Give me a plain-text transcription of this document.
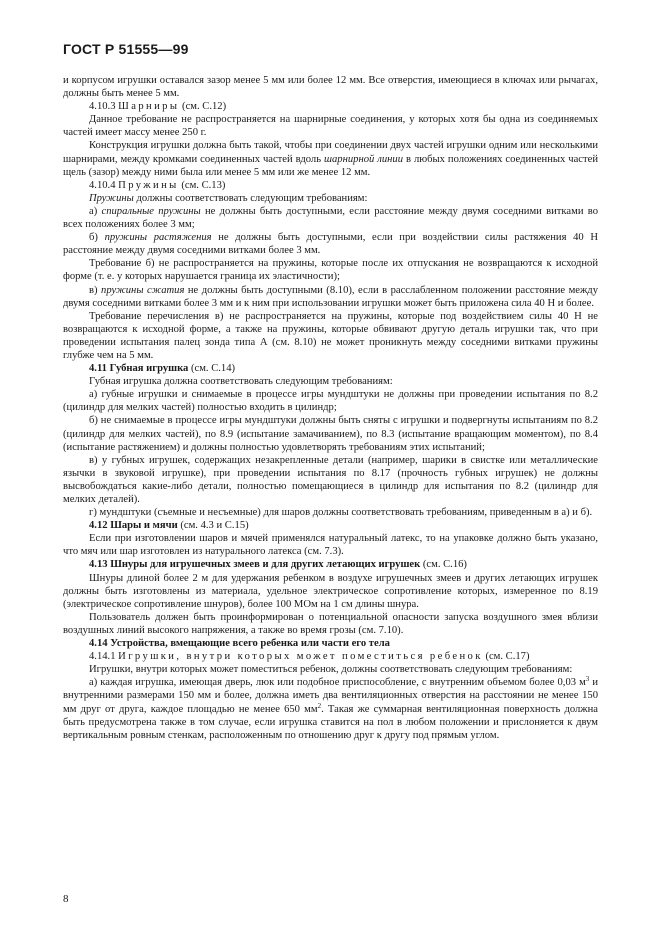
ГОСТ Р 51555—99

и корпусом игрушки оставался зазор менее 5 мм или более 12 мм. Все отверстия, имеющиеся в ключах или рычагах, должны быть менее 5 мм.

4.10.3 Шарниры (см. С.12)

Данное требование не распространяется на шарнирные соединения, у которых хотя бы одна из соединяемых частей имеет массу менее 250 г.

Конструкция игрушки должна быть такой, чтобы при соединении двух частей игрушки одним или несколькими шарнирами, между кромками соединенных частей вдоль шарнирной линии в любых положениях соединенных частей щель (зазор) между ними была или менее 5 мм или же менее 12 мм.

4.10.4 Пружины (см. С.13)

Пружины должны соответствовать следующим требованиям:

а) спиральные пружины не должны быть доступными, если расстояние между двумя соседними витками во всех положениях более 3 мм;

б) пружины растяжения не должны быть доступными, если при воздействии силы растяжения 40 Н расстояние между двумя соседними витками более 3 мм.

Требование б) не распространяется на пружины, которые после их отпускания не возвращаются к исходной форме (т. е. у которых нарушается граница их эластичности);

в) пружины сжатия не должны быть доступными (8.10), если в расслабленном положении расстояние между двумя соседними витками более 3 мм и к ним при использовании игрушки может быть приложена сила 40 Н и более.

Требование перечисления в) не распространяется на пружины, которые под воздействием силы 40 Н не возвращаются к исходной форме, а также на пружины, которые обвивают другую деталь игрушки так, что при проведении испытания палец зонда типа А (см. 8.10) не может проникнуть между соседними витками пружины глубже чем на 5 мм.

4.11 Губная игрушка (см. С.14)

Губная игрушка должна соответствовать следующим требованиям:

а) губные игрушки и снимаемые в процессе игры мундштуки не должны при проведении испытания по 8.2 (цилиндр для мелких частей) полностью входить в цилиндр;

б) не снимаемые в процессе игры мундштуки должны быть сняты с игрушки и подвергнуты испытаниям по 8.2 (цилиндр для мелких частей), по 8.9 (испытание замачиванием), по 8.3 (испытание вращающим моментом), по 8.4 (испытание растяжением) и должны полностью удовлетворять требованиям этих испытаний;

в) у губных игрушек, содержащих незакрепленные детали (например, шарики в свистке или металлические язычки в звуковой игрушке), при проведении испытания по 8.17 (прочность губных игрушек) не должны высвобождаться какие-либо детали, полностью помещающиеся в цилиндр для испытания по 8.2 (цилиндр для мелких деталей).

г) мундштуки (съемные и несъемные) для шаров должны соответствовать требованиям, приведенным в а) и б).

4.12 Шары и мячи (см. 4.3 и С.15)

Если при изготовлении шаров и мячей применялся натуральный латекс, то на упаковке должно быть указано, что мяч или шар изготовлен из натурального латекса (см. 7.3).

4.13 Шнуры для игрушечных змеев и для других летающих игрушек (см. С.16)

Шнуры длиной более 2 м для удержания ребенком в воздухе игрушечных змеев и других летающих игрушек должны быть изготовлены из материала, удельное электрическое сопротивление которых, измеренное по 8.19 (электрическое сопротивление шнуров), более 100 МОм на 1 см длины шнура.

Пользователь должен быть проинформирован о потенциальной опасности запуска воздушного змея вблизи воздушных линий высокого напряжения, а также во время грозы (см. 7.10).

4.14 Устройства, вмещающие всего ребенка или части его тела

4.14.1 Игрушки, внутри которых может поместиться ребенок (см. С.17)

Игрушки, внутри которых может поместиться ребенок, должны соответствовать следующим требованиям:

а) каждая игрушка, имеющая дверь, люк или подобное приспособление, с внутренним объемом более 0,03 $м^3$ и внутренними размерами 150 мм и более, должна иметь два вентиляционных отверстия на расстоянии не менее 150 мм друг от друга, каждое площадью не менее 650 $мм^2$. Такая же суммарная вентиляционная поверхность должна быть предусмотрена также в том случае, если игрушка ставится на пол в любом положении и прислоняется к двум вертикальным ровным стенкам, расположенным по отношению друг к другу под прямым углом.

8
